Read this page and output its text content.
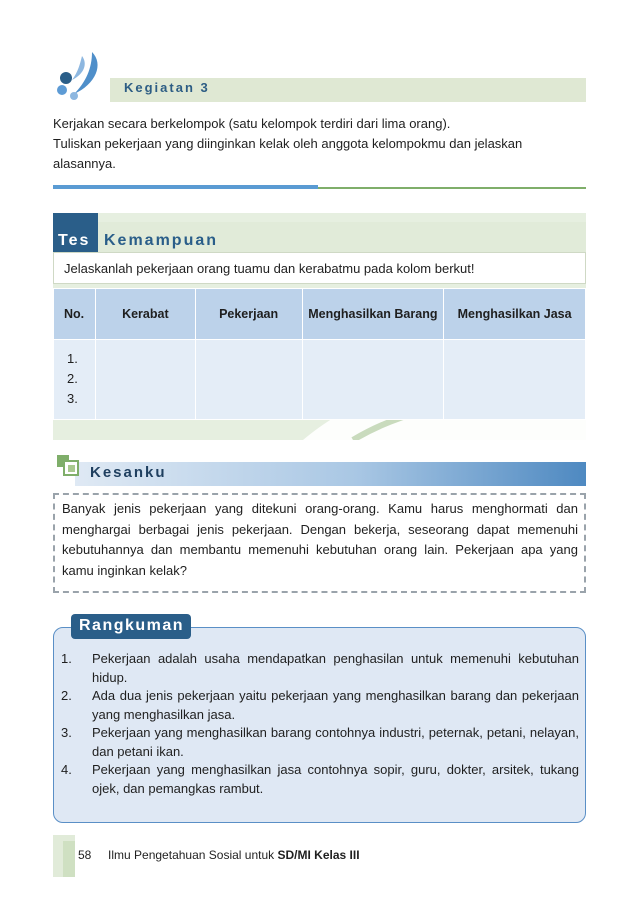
Kegiatan 3
Kerjakan secara berkelompok (satu kelompok terdiri dari lima orang).
Tuliskan pekerjaan yang diinginkan kelak oleh anggota kelompokmu dan jelaskan alasannya.
Tes Kemampuan
Jelaskanlah pekerjaan orang tuamu dan kerabatmu pada kolom berkut!
No.	Kerabat	Pekerjaan	Menghasilkan Barang	Menghasilkan Jasa

1.
2.
3.				

Kesanku
Banyak jenis pekerjaan yang ditekuni orang-orang. Kamu harus menghormati dan menghargai berbagai jenis pekerjaan. Dengan bekerja, seseorang dapat memenuhi kebutuhannya dan membantu memenuhi kebutuhan orang lain. Pekerjaan apa yang kamu inginkan kelak?
Rangkuman
1.	Pekerjaan adalah usaha mendapatkan penghasilan untuk memenuhi kebutuhan hidup.
2.	Ada dua jenis pekerjaan yaitu pekerjaan yang menghasilkan barang dan pekerjaan yang menghasilkan jasa.
3.	Pekerjaan yang menghasilkan barang contohnya industri, peternak, petani, nelayan, dan petani ikan.
4.	Pekerjaan yang menghasilkan jasa contohnya sopir, guru, dokter, arsitek, tukang ojek, dan pemangkas rambut.
58 Ilmu Pengetahuan Sosial untuk SD/MI Kelas III
